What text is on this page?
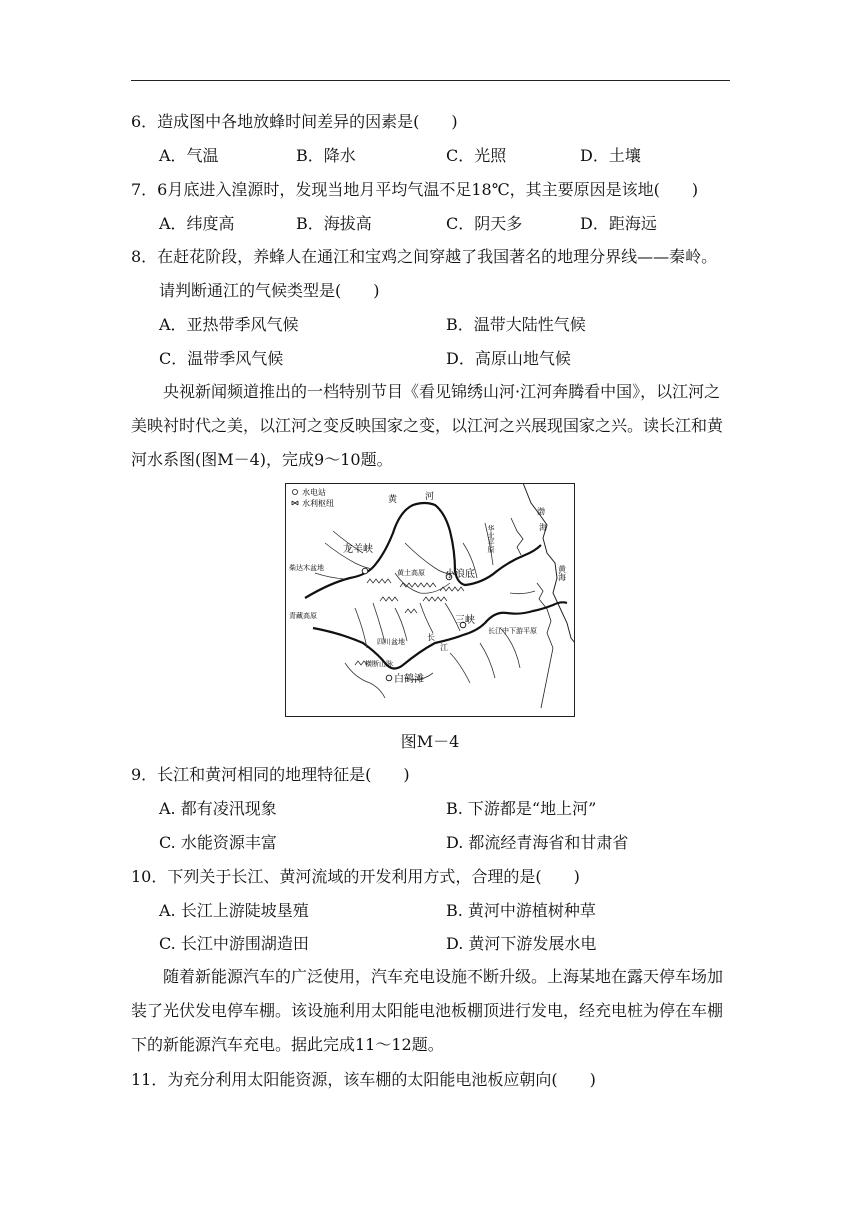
6．造成图中各地放蜂时间差异的因素是(　　)
A．气温	B．降水	C．光照	D．土壤
7．6月底进入湟源时，发现当地月平均气温不足18℃，其主要原因是该地(　　)
A．纬度高	B．海拔高	C．阴天多	D．距海远
8．在赶花阶段，养蜂人在通江和宝鸡之间穿越了我国著名的地理分界线——秦岭。请判断通江的气候类型是(　　)
A．亚热带季风气候	B．温带大陆性气候
C．温带季风气候	D．高原山地气候
央视新闻频道推出的一档特别节目《看见锦绣山河·江河奔腾看中国》，以江河之美映衬时代之美，以江河之变反映国家之变，以江河之兴展现国家之兴。读长江和黄河水系图(图M－4)，完成9～10题。
水电站
水利枢纽	黄	河
龙羊峡
柴达木盆地
黄土高原 小浪底
华北平原
渤
海
黄海
青藏高原	三峡
长江中下游平原
四川盆地	长
江
横断山脉
白鹤滩
图M－4
9．长江和黄河相同的地理特征是(　　)
A. 都有凌汛现象	B. 下游都是“地上河”
C. 水能资源丰富	D. 都流经青海省和甘肃省
10．下列关于长江、黄河流域的开发利用方式，合理的是(　　)
A. 长江上游陡坡垦殖	B. 黄河中游植树种草
C. 长江中游围湖造田	D. 黄河下游发展水电
随着新能源汽车的广泛使用，汽车充电设施不断升级。上海某地在露天停车场加装了光伏发电停车棚。该设施利用太阳能电池板棚顶进行发电，经充电桩为停在车棚下的新能源汽车充电。据此完成11～12题。
11．为充分利用太阳能资源，该车棚的太阳能电池板应朝向(　　)
